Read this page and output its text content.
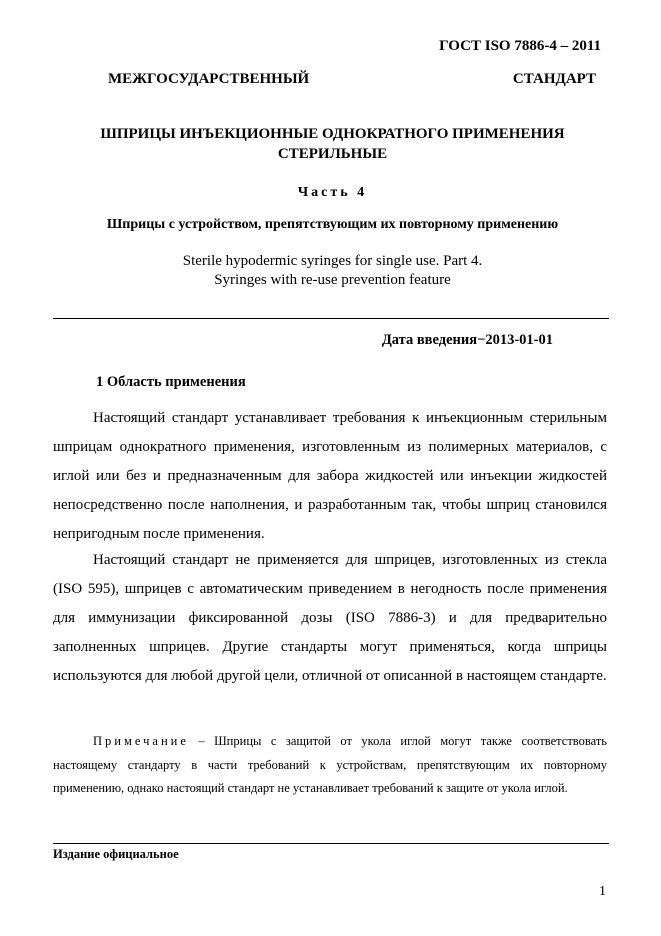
ГОСТ ISO 7886-4 – 2011
МЕЖГОСУДАРСТВЕННЫЙ СТАНДАРТ
ШПРИЦЫ ИНЪЕКЦИОННЫЕ ОДНОКРАТНОГО ПРИМЕНЕНИЯ
СТЕРИЛЬНЫЕ
Часть 4
Шприцы с устройством, препятствующим их повторному применению
Sterile hypodermic syringes for single use. Part 4.
Syringes with re-use prevention feature
Дата введения−2013-01-01
1 Область применения
Настоящий стандарт устанавливает требования к инъекционным стерильным шприцам однократного применения, изготовленным из полимерных материалов, с иглой или без и предназначенным для забора жидкостей или инъекции жидкостей непосредственно после наполнения, и разработанным так, чтобы шприц становился непригодным после применения.
Настоящий стандарт не применяется для шприцев, изготовленных из стекла (ISO 595), шприцев с автоматическим приведением в негодность после применения для иммунизации фиксированной дозы (ISO 7886-3) и для предварительно заполненных шприцев. Другие стандарты могут применяться, когда шприцы используются для любой другой цели, отличной от описанной в настоящем стандарте.
Примечание – Шприцы с защитой от укола иглой могут также соответствовать настоящему стандарту в части требований к устройствам, препятствующим их повторному применению, однако настоящий стандарт не устанавливает требований к защите от укола иглой.
Издание официальное
1
